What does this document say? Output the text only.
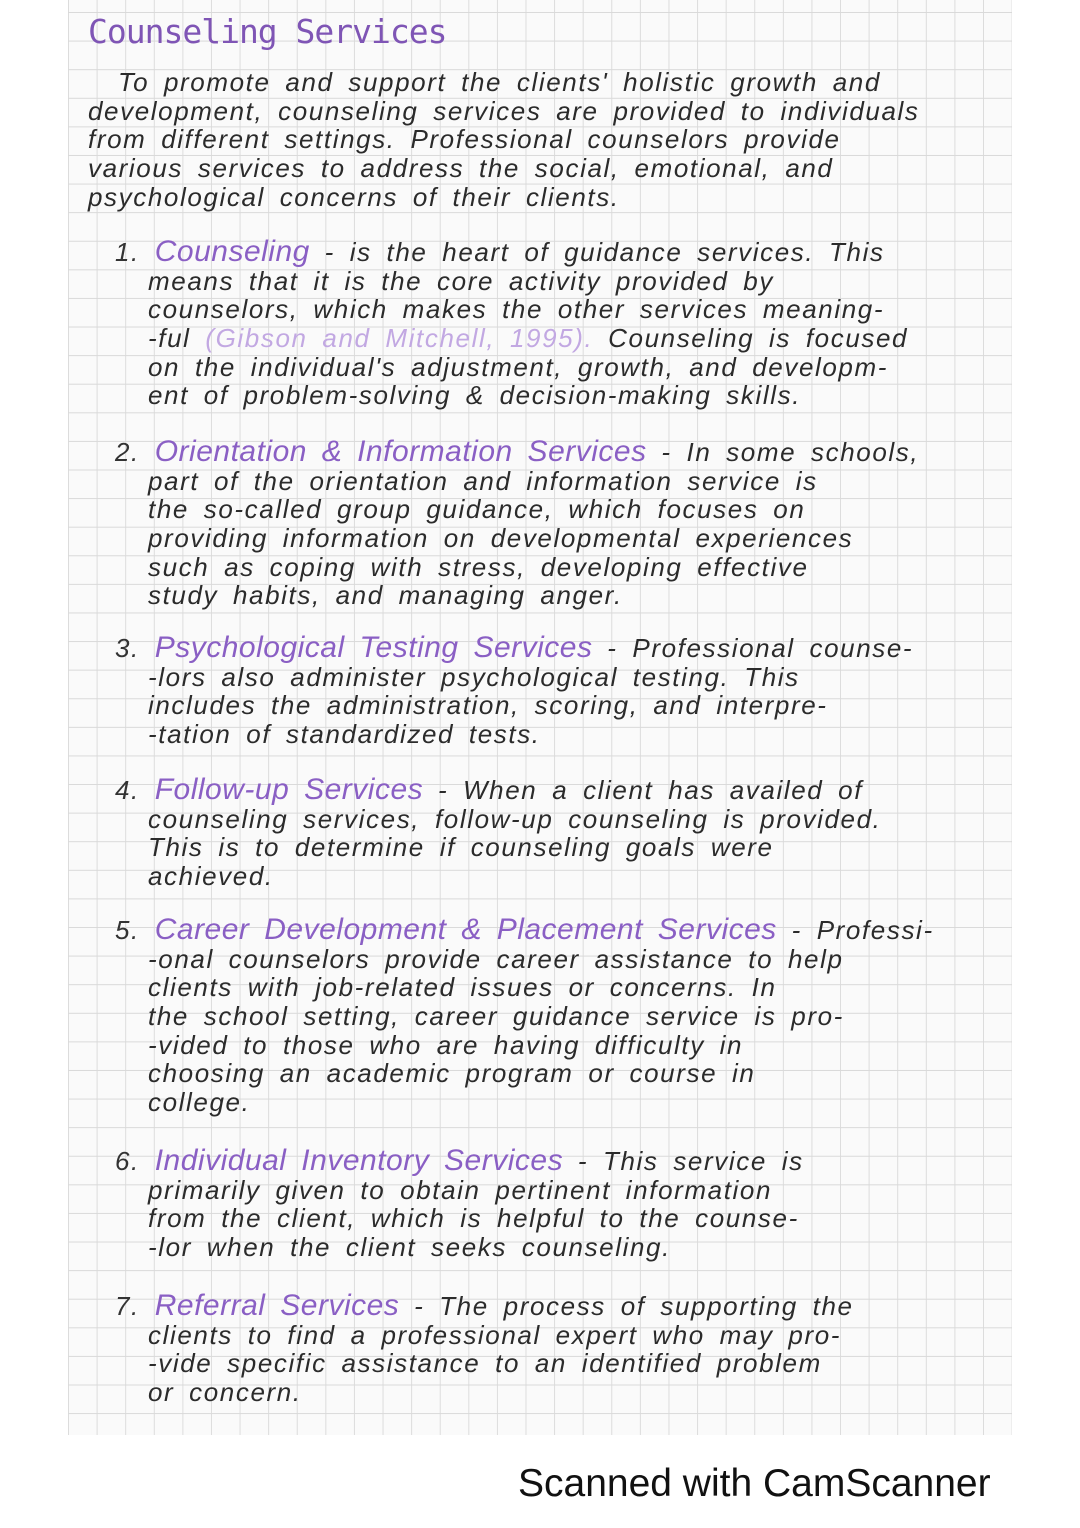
Counseling Services
To promote and support the clients' holistic growth and
development, counseling services are provided to individuals
from different settings. Professional counselors provide
various services to address the social, emotional, and
psychological concerns of their clients.
1. Counseling - is the heart of guidance services. This
means that it is the core activity provided by
counselors, which makes the other services meaning-
-ful (Gibson and Mitchell, 1995). Counseling is focused
on the individual's adjustment, growth, and developm-
ent of problem-solving & decision-making skills.
2. Orientation & Information Services - In some schools,
part of the orientation and information service is
the so-called group guidance, which focuses on
providing information on developmental experiences
such as coping with stress, developing effective
study habits, and managing anger.
3. Psychological Testing Services - Professional counse-
-lors also administer psychological testing. This
includes the administration, scoring, and interpre-
-tation of standardized tests.
4. Follow-up Services - When a client has availed of
counseling services, follow-up counseling is provided.
This is to determine if counseling goals were
achieved.
5. Career Development & Placement Services - Professi-
-onal counselors provide career assistance to help
clients with job-related issues or concerns. In
the school setting, career guidance service is pro-
-vided to those who are having difficulty in
choosing an academic program or course in
college.
6. Individual Inventory Services - This service is
primarily given to obtain pertinent information
from the client, which is helpful to the counse-
-lor when the client seeks counseling.
7. Referral Services - The process of supporting the
clients to find a professional expert who may pro-
-vide specific assistance to an identified problem
or concern.
Scanned with CamScanner
